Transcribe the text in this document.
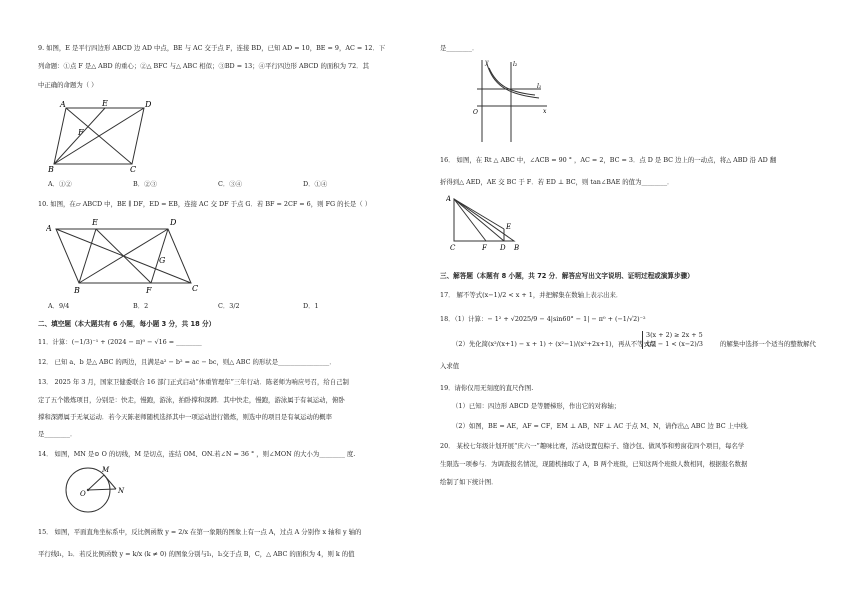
9. 如图，E 是平行四边形 ABCD 边 AD 中点，BE 与 AC 交于点 F，连接 BD，已知 AD = 10，BE = 9，AC = 12．下
列命题：①点 F 是△ ABD 的重心；②△ BFC 与△ ABC 相似；③BD = 13；④平行四边形 ABCD 的面积为 72．其
中正确的命题为（ ）
A	E	D
F
B	C
A．①②	B．②③	C．③④	D．①④
10. 如图，在▱ ABCD 中，BE ∥ DF，ED = EB，连接 AC 交 DF 于点 G．若 BF = 2CF = 6，则 FG 的长是（ ）
A
E	D
G
B	F	C
A．9/4	B．2	C．3/2	D．1
二、填空题（本大题共有 6 小题，每小题 3 分，共 18 分）
11．计算：(−1/3)⁻¹ + (2024 − π)⁰ − √16 = ________
12． 已知 a、b 是△ ABC 的两边，且满足a² − b² = ac − bc，则△ ABC 的形状是________________．
13． 2025 年 3 月，国家卫健委联合 16 部门正式启动“体重管理年”三年行动．陈老师为响应号召，给自己制
定了五个锻炼项目，分别是：快走，慢跑，游泳，拍卧撑和深蹲．其中快走，慢跑，游泳属于有氧运动，俯卧
撑和深蹲属于无氧运动．若今天陈老师随机选择其中一项运动进行锻炼，则选中的项目是有氧运动的概率
是________．
14． 如图，MN 是⊙ O 的切线，M 是切点，连结 OM、ON.若∠N = 36 ° ，则∠MON 的大小为________ 度.
M
O	N
15． 如图，平面直角坐标系中，反比例函数 y = 2/x 在第一象限的图象上有一点 A，过点 A 分别作 x 轴和 y 轴的
平行线l₁，l₂．若反比例函数 y = k/x (k ≠ 0) 的图象分别与l₁，l₂交于点 B，C，△ ABC 的面积为 4，则 k 的值
是________．
y	l₂
l₁
O	x
16． 如图，在 Rt △ ABC 中，∠ACB = 90 ° ，AC = 2，BC = 3．点 D 是 BC 边上的一动点，将△ ABD 沿 AD 翻
折得到△ AED，AE 交 BC 于 F．若 ED ⊥ BC，则 tan∠BAE 的值为________．
A
E
C	F D B
三、解答题（本题有 8 小题，共 72 分．解答应写出文字说明、证明过程或演算步骤）
17． 解不等式(x−1)/2 < x + 1，并把解集在数轴上表示出来．
18．（1）计算：− 1² + √2025/9 − 4|sin60° − 1| − π⁰ + (−1/√2)⁻²
（2）先化简(x²/(x+1) − x + 1) ÷ (x²−1)/(x²+2x+1)，再从不等式组
3(x + 2) ≥ 2x + 5
x/2 − 1 < (x−2)/3	的解集中选择一个适当的整数解代
入求值
19．请你仅用无刻度的直尺作图.
（1）已知：四边形 ABCD 是等腰梯形，作出它的对称轴；
（2）如图，BE = AE，AF = CF，EM ⊥ AB，NF ⊥ AC 于点 M、N，请作出△ ABC 边 BC 上中线．
20． 某校七年级计划开展“庆六一”趣味比赛，活动设置包粽子、缝沙包、做风筝和剪窗花四个项目，每名学
生限选一项参与．为调查报名情况，现随机抽取了 A，B 两个班级，已知这两个班级人数相同，根据报名数据
绘制了如下统计图．
